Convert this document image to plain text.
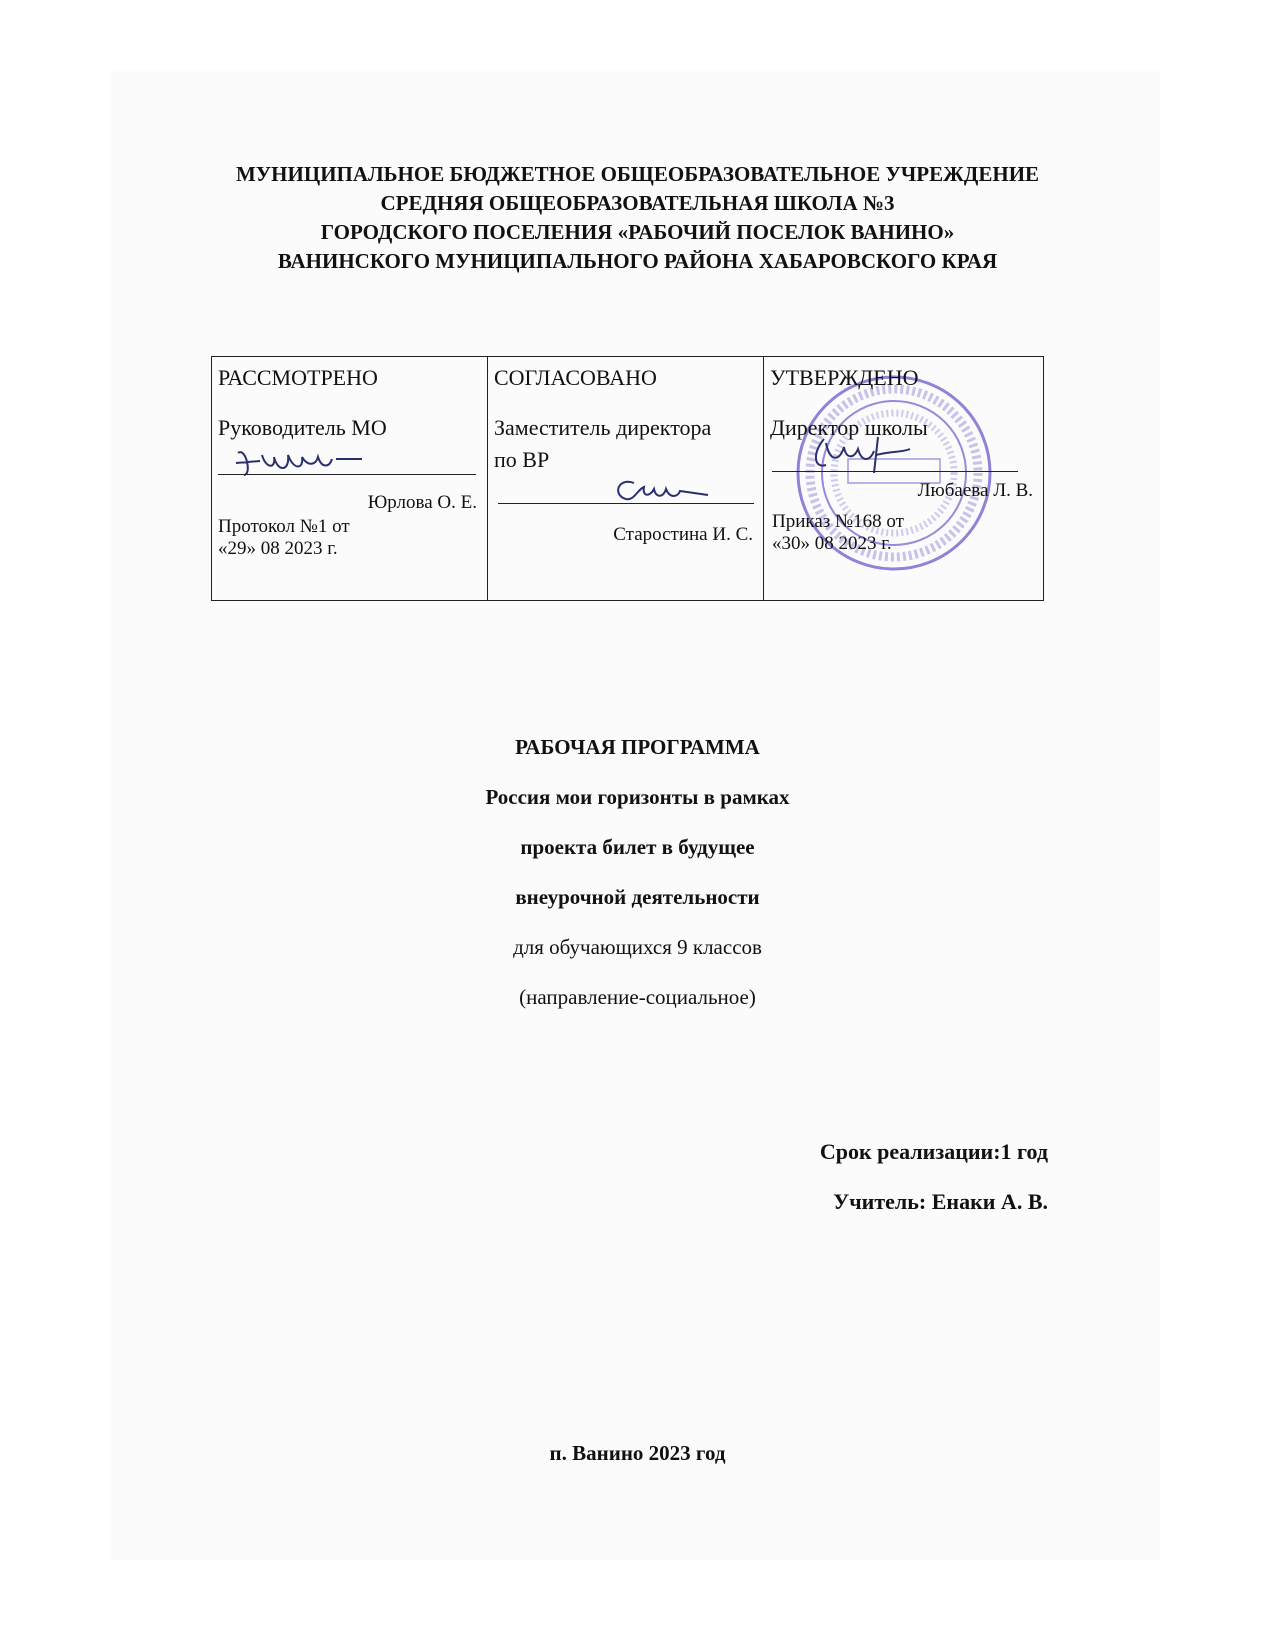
МУНИЦИПАЛЬНОЕ БЮДЖЕТНОЕ ОБЩЕОБРАЗОВАТЕЛЬНОЕ УЧРЕЖДЕНИЕ
СРЕДНЯЯ ОБЩЕОБРАЗОВАТЕЛЬНАЯ ШКОЛА №3
ГОРОДСКОГО ПОСЕЛЕНИЯ «РАБОЧИЙ ПОСЕЛОК ВАНИНО»
ВАНИНСКОГО МУНИЦИПАЛЬНОГО РАЙОНА ХАБАРОВСКОГО КРАЯ
РАССМОТРЕНО
Руководитель МО
Юрлова О. Е.
Протокол №1 от
«29» 08 2023 г.
СОГЛАСОВАНО
Заместитель директора
по ВР
Старостина И. С.
УТВЕРЖДЕНО
Директор школы
Любаева Л. В.
Приказ №168 от
«30» 08 2023 г.
РАБОЧАЯ ПРОГРАММА
Россия мои горизонты в рамках
проекта билет в будущее
внеурочной деятельности
для обучающихся 9 классов
(направление-социальное)
Срок реализации:1 год
Учитель: Енаки А. В.
п. Ванино 2023 год
